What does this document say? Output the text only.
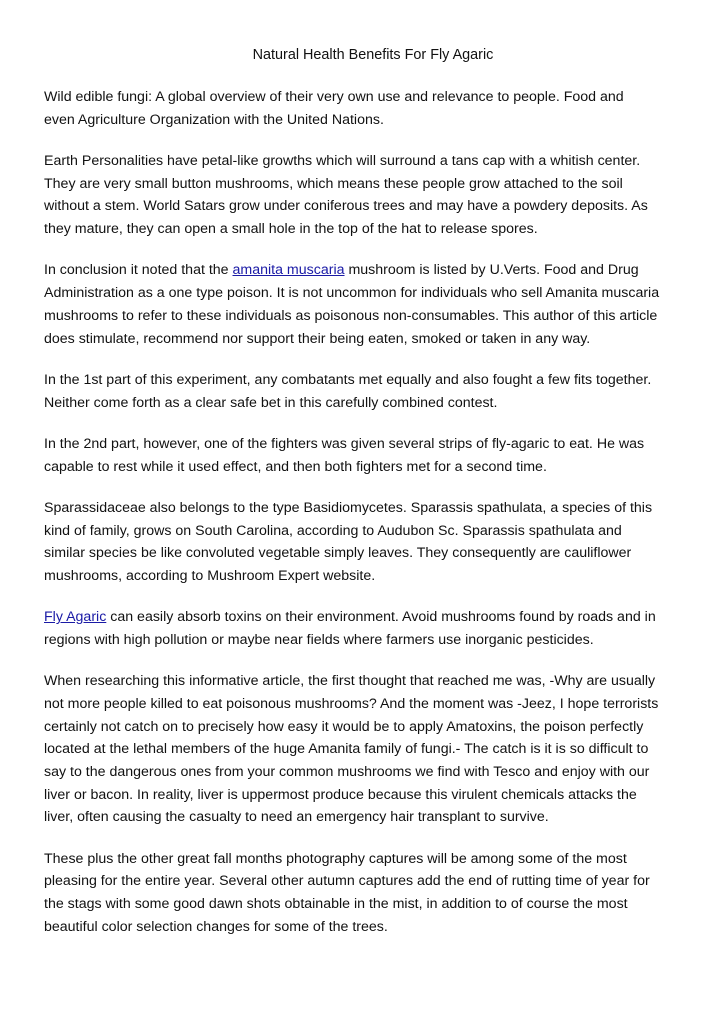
Natural Health Benefits For Fly Agaric

Wild edible fungi: A global overview of their very own use and relevance to people. Food and
even Agriculture Organization with the United Nations.

Earth Personalities have petal-like growths which will surround a tans cap with a whitish center.
They are very small button mushrooms, which means these people grow attached to the soil
without a stem. World Satars grow under coniferous trees and may have a powdery deposits. As
they mature, they can open a small hole in the top of the hat to release spores.

In conclusion it noted that the amanita muscaria mushroom is listed by U.Verts. Food and Drug
Administration as a one type poison. It is not uncommon for individuals who sell Amanita muscaria
mushrooms to refer to these individuals as poisonous non-consumables. This author of this article
does stimulate, recommend nor support their being eaten, smoked or taken in any way.

In the 1st part of this experiment, any combatants met equally and also fought a few fits together.
Neither come forth as a clear safe bet in this carefully combined contest.

In the 2nd part, however, one of the fighters was given several strips of fly-agaric to eat. He was
capable to rest while it used effect, and then both fighters met for a second time.

Sparassidaceae also belongs to the type Basidiomycetes. Sparassis spathulata, a species of this
kind of family, grows on South Carolina, according to Audubon Sc. Sparassis spathulata and
similar species be like convoluted vegetable simply leaves. They consequently are cauliflower
mushrooms, according to Mushroom Expert website.

Fly Agaric can easily absorb toxins on their environment. Avoid mushrooms found by roads and in
regions with high pollution or maybe near fields where farmers use inorganic pesticides.

When researching this informative article, the first thought that reached me was, -Why are usually
not more people killed to eat poisonous mushrooms? And the moment was -Jeez, I hope terrorists
certainly not catch on to precisely how easy it would be to apply Amatoxins, the poison perfectly
located at the lethal members of the huge Amanita family of fungi.- The catch is it is so difficult to
say to the dangerous ones from your common mushrooms we find with Tesco and enjoy with our
liver or bacon. In reality, liver is uppermost produce because this virulent chemicals attacks the
liver, often causing the casualty to need an emergency hair transplant to survive.

These plus the other great fall months photography captures will be among some of the most
pleasing for the entire year. Several other autumn captures add the end of rutting time of year for
the stags with some good dawn shots obtainable in the mist, in addition to of course the most
beautiful color selection changes for some of the trees.
